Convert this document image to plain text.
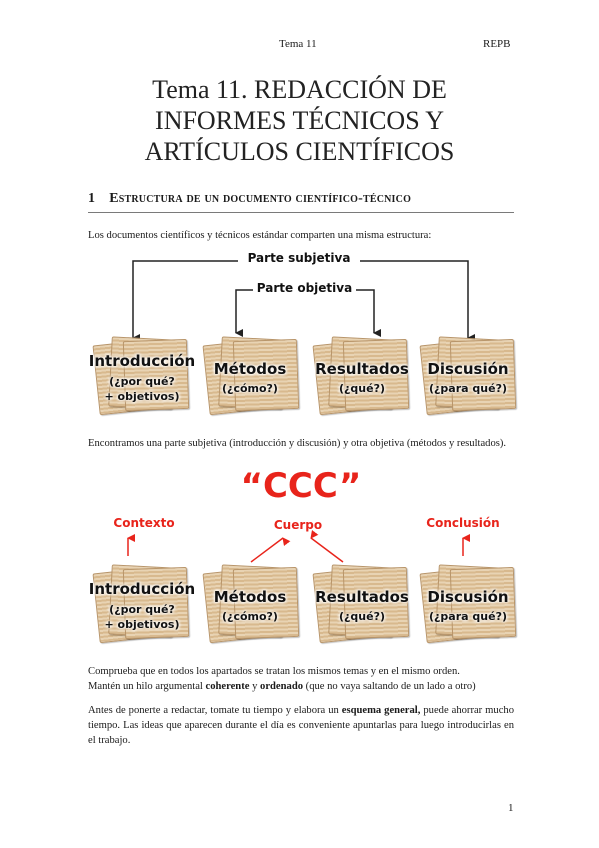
Tema 11	REPB
Tema 11. REDACCIÓN DE
INFORMES TÉCNICOS Y
ARTÍCULOS CIENTÍFICOS
1 Estructura de un documento científico-técnico
Los documentos científicos y técnicos estándar comparten una misma estructura:
Parte subjetiva
Parte objetiva
Introducción
(¿por qué?
+ objetivos)
Métodos
(¿cómo?)
Resultados
(¿qué?)
Discusión
(¿para qué?)
Encontramos una parte subjetiva (introducción y discusión) y otra objetiva (métodos y resultados).
“CCC”
Contexto	Cuerpo	Conclusión
Introducción
(¿por qué?
+ objetivos)
Métodos
(¿cómo?)
Resultados
(¿qué?)
Discusión
(¿para qué?)
Comprueba que en todos los apartados se tratan los mismos temas y en el mismo orden.
Mantén un hilo argumental coherente y ordenado (que no vaya saltando de un lado a otro)
Antes de ponerte a redactar, tomate tu tiempo y elabora un esquema general, puede ahorrar mucho tiempo. Las ideas que aparecen durante el día es conveniente apuntarlas para luego introducirlas en el trabajo.
1
